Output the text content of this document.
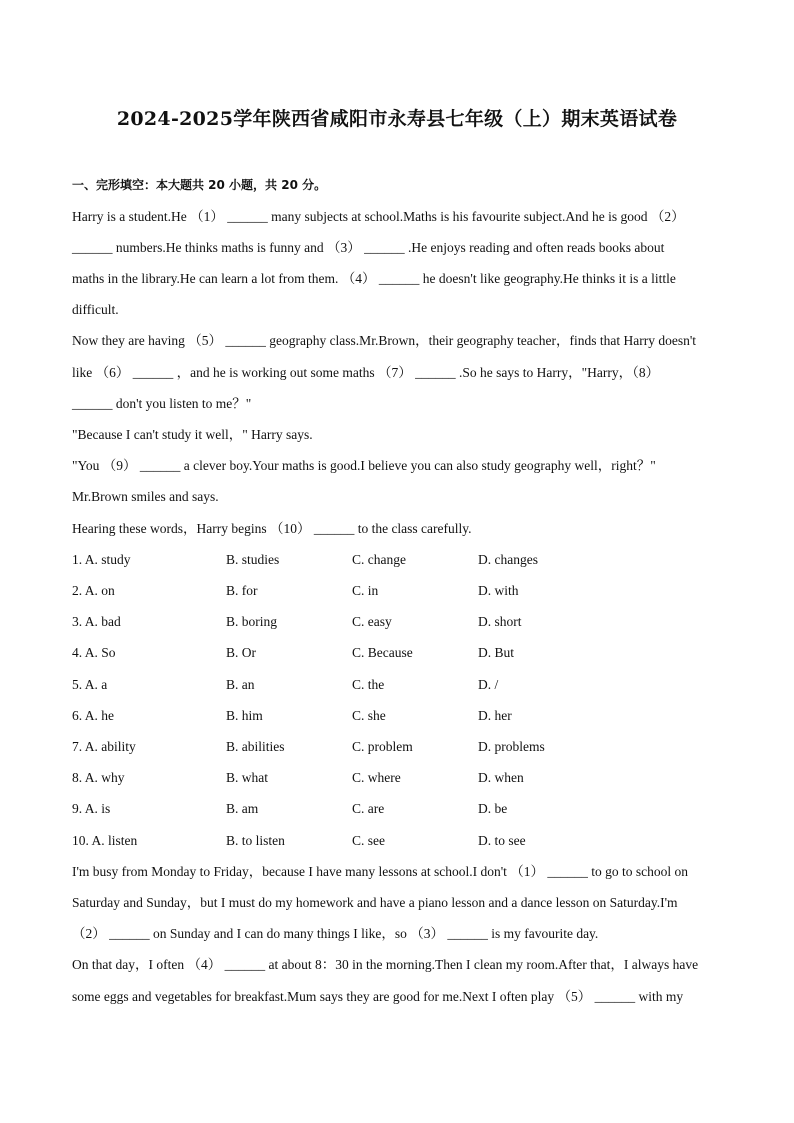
2024-2025学年陕西省咸阳市永寿县七年级（上）期末英语试卷
一、完形填空：本大题共 20 小题，共 20 分。
Harry is a student.He （1） ______ many subjects at school.Maths is his favourite subject.And he is good （2）
______ numbers.He thinks maths is funny and （3） ______ .He enjoys reading and often reads books about
maths in the library.He can learn a lot from them. （4） ______ he doesn't like geography.He thinks it is a little
difficult.
Now they are having （5） ______ geography class.Mr.Brown，their geography teacher，finds that Harry doesn't
like （6） ______ ，and he is working out some maths （7） ______ .So he says to Harry，"Harry，（8）
______ don't you listen to me？"
"Because I can't study it well，" Harry says.
"You （9） ______ a clever boy.Your maths is good.I believe you can also study geography well，right？"
Mr.Brown smiles and says.
Hearing these words，Harry begins （10） ______ to the class carefully.
1. A. study	B. studies	C. change	D. changes
2. A. on	B. for	C. in	D. with
3. A. bad	B. boring	C. easy	D. short
4. A. So	B. Or	C. Because	D. But
5. A. a	B. an	C. the	D. /
6. A. he	B. him	C. she	D. her
7. A. ability	B. abilities	C. problem	D. problems
8. A. why	B. what	C. where	D. when
9. A. is	B. am	C. are	D. be
10. A. listen	B. to listen	C. see	D. to see
I'm busy from Monday to Friday，because I have many lessons at school.I don't （1） ______ to go to school on
Saturday and Sunday，but I must do my homework and have a piano lesson and a dance lesson on Saturday.I'm
（2） ______ on Sunday and I can do many things I like，so （3） ______ is my favourite day.
On that day，I often （4） ______ at about 8：30 in the morning.Then I clean my room.After that，I always have
some eggs and vegetables for breakfast.Mum says they are good for me.Next I often play （5） ______ with my
